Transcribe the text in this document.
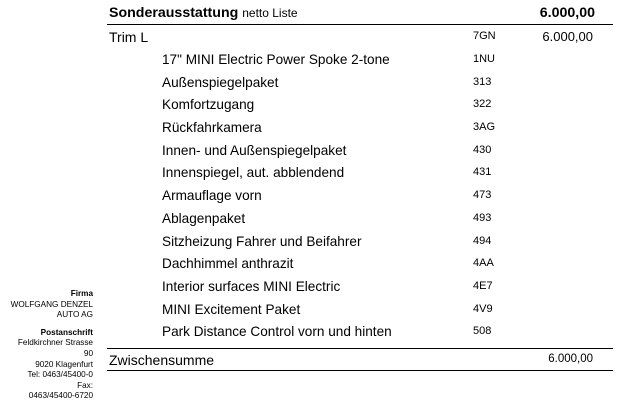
Firma
WOLFGANG DENZEL
AUTO AG
Postanschrift
Feldkirchner Strasse
90
9020 Klagenfurt
Tel: 0463/45400-0
Fax:
0463/45400-6720
Sonderausstattung netto Liste	6.000,00
Trim L	7GN	6.000,00
17" MINI Electric Power Spoke 2-tone	1NU
Außenspiegelpaket	313
Komfortzugang	322
Rückfahrkamera	3AG
Innen- und Außenspiegelpaket	430
Innenspiegel, aut. abblendend	431
Armauflage vorn	473
Ablagenpaket	493
Sitzheizung Fahrer und Beifahrer	494
Dachhimmel anthrazit	4AA
Interior surfaces MINI Electric	4E7
MINI Excitement Paket	4V9
Park Distance Control vorn und hinten	508
Zwischensumme	6.000,00
